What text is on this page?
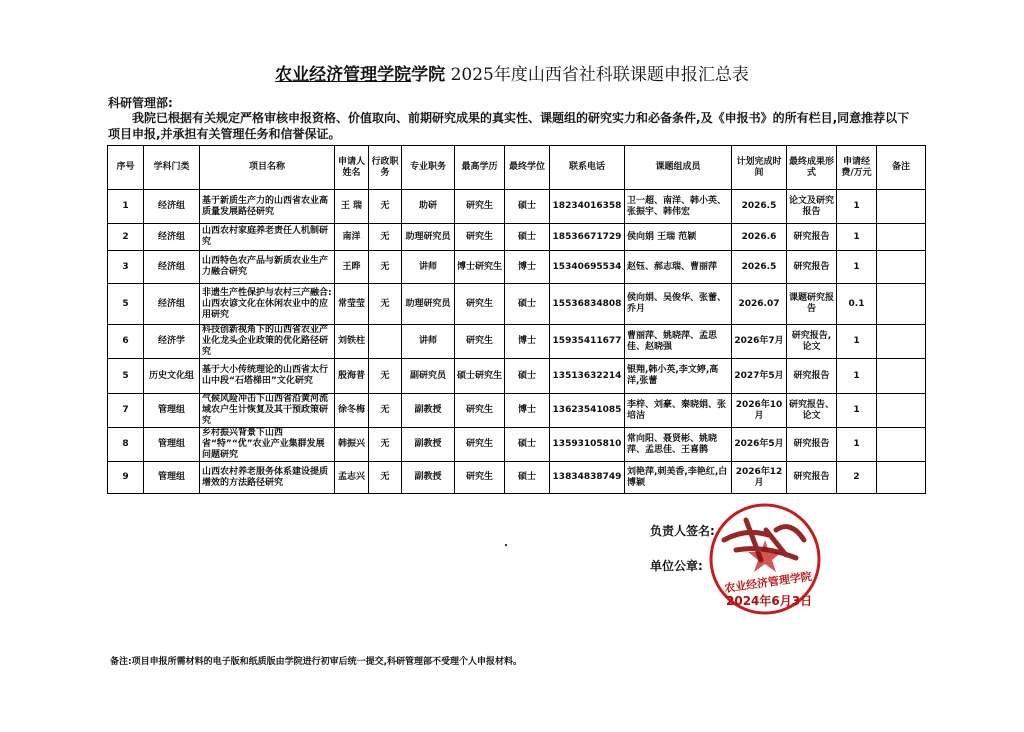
农业经济管理学院学院 2025年度山西省社科联课题申报汇总表
科研管理部:
我院已根据有关规定严格审核申报资格、价值取向、前期研究成果的真实性、课题组的研究实力和必备条件,及《申报书》的所有栏目,同意推荐以下项目申报,并承担有关管理任务和信誉保证。
序号	学科门类	项目名称	申请人姓名	行政职务	专业职务	最高学历	最终学位	联系电话	课题组成员	计划完成时间	最终成果形式	申请经费/万元	备注
1	经济组	基于新质生产力的山西省农业高质量发展路径研究	王 瑞	无	助研	研究生	硕士	18234016358	卫一超、南洋、韩小英、张振宇、韩伟宏	2026.5	论文及研究报告	1	
2	经济组	山西农村家庭养老责任人机制研究	南洋	无	助理研究员	研究生	硕士	18536671729	侯向娟 王瑞 范颖	2026.6	研究报告	1	
3	经济组	山西特色农产品与新质农业生产力融合研究	王晔	无	讲师	博士研究生	博士	15340695534	赵钰、郝志瑞、曹丽萍	2026.5	研究报告	1	
5	经济组	非遗生产性保护与农村三产融合:山西农谚文化在休闲农业中的应用研究	常莹莹	无	助理研究员	研究生	硕士	15536834808	侯向娟、吴俊华、张蕾、乔月	2026.07	课题研究报告	0.1	
6	经济学	科技创新视角下的山西省农业产业化龙头企业政策的优化路径研究	刘铁柱		讲师	研究生	博士	15935411677	曹丽萍、姚晓萍、孟思佳、赵晓强	2026年7月	研究报告,论文	1	
5	历史文化组	基于大小传统理论的山西省太行山中段“石塔梯田”文化研究	殷海普	无	副研究员	硕士研究生	硕士	13513632214	银翔,韩小英,李文婷,高洋,张蕾	2027年5月	研究报告	1	
7	管理组	气候风险冲击下山西省沿黄河流域农户生计恢复及其干预政策研究	徐冬梅	无	副教授	研究生	博士	13623541085	李梓、刘豪、秦晓娟、张培洁	2026年10月	研究报告、论文	1	
8	管理组	乡村振兴背景下山西省“特”“优”农业产业集群发展问题研究	韩振兴	无	副教授	研究生	硕士	13593105810	常向阳、聂贤彬、姚晓萍、孟思佳、王喜鹊	2026年5月	研究报告	1	
9	管理组	山西农村养老服务体系建设提质增效的方法路径研究	孟志兴	无	副教授	研究生	硕士	13834838749	刘艳萍,刺美香,李艳红,白博颖	2026年12月	研究报告	2	
负责人签名:
单位公章:
农业经济管理学院
2024年6月3日
备注:项目申报所需材料的电子版和纸质版由学院进行初审后统一提交,科研管理部不受理个人申报材料。
